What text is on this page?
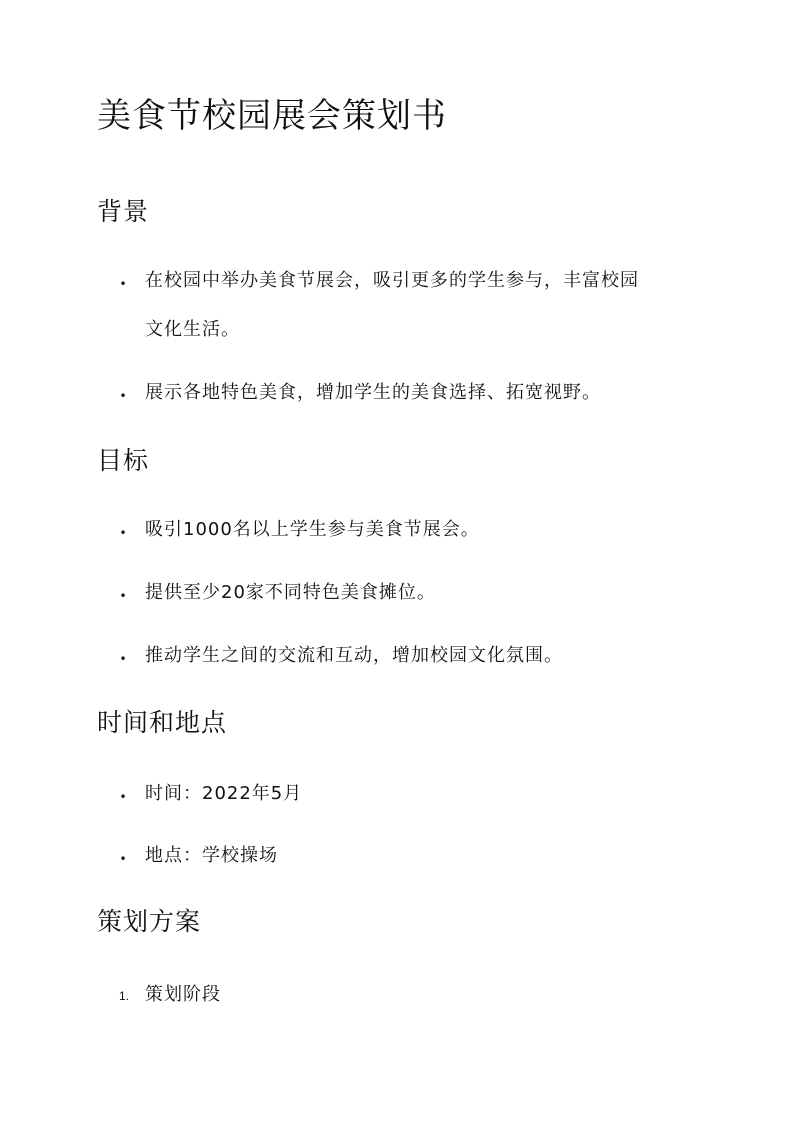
美食节校园展会策划书
背景
• 在校园中举办美食节展会，吸引更多的学生参与，丰富校园

文化生活。

• 展示各地特色美食，增加学生的美食选择、拓宽视野。

目标
• 吸引1000名以上学生参与美食节展会。

• 提供至少20家不同特色美食摊位。

• 推动学生之间的交流和互动，增加校园文化氛围。

时间和地点
• 时间：2022年5月

• 地点：学校操场

策划方案
1. 策划阶段
